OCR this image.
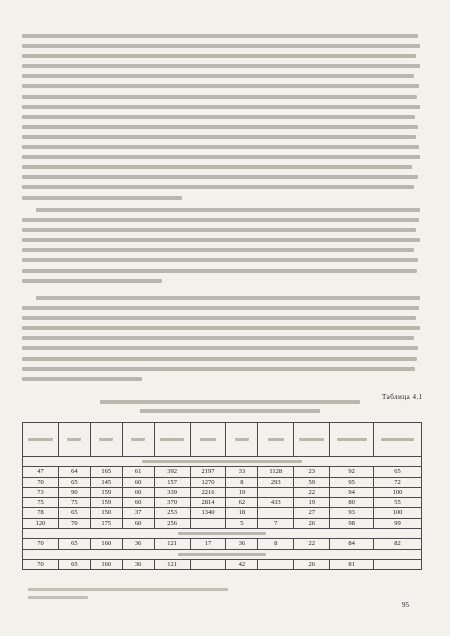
Таблица 4.1

47	64	165	61	392	2197	33	1128	23	92	65
70	65	145	60	157	1270	8	293	59	95	72
73	90	159	60	339	2216	19		22	94	100
75	75	159	60	370	2814	62	433	19	80	55
78	65	150	37	253	1340	18		27	93	100
120	70	175	60	256		5	7	26	98	99

70	65	160	36	121	17	36	8	22	84	82

70	65	160	36	121		42		26	81	
95
